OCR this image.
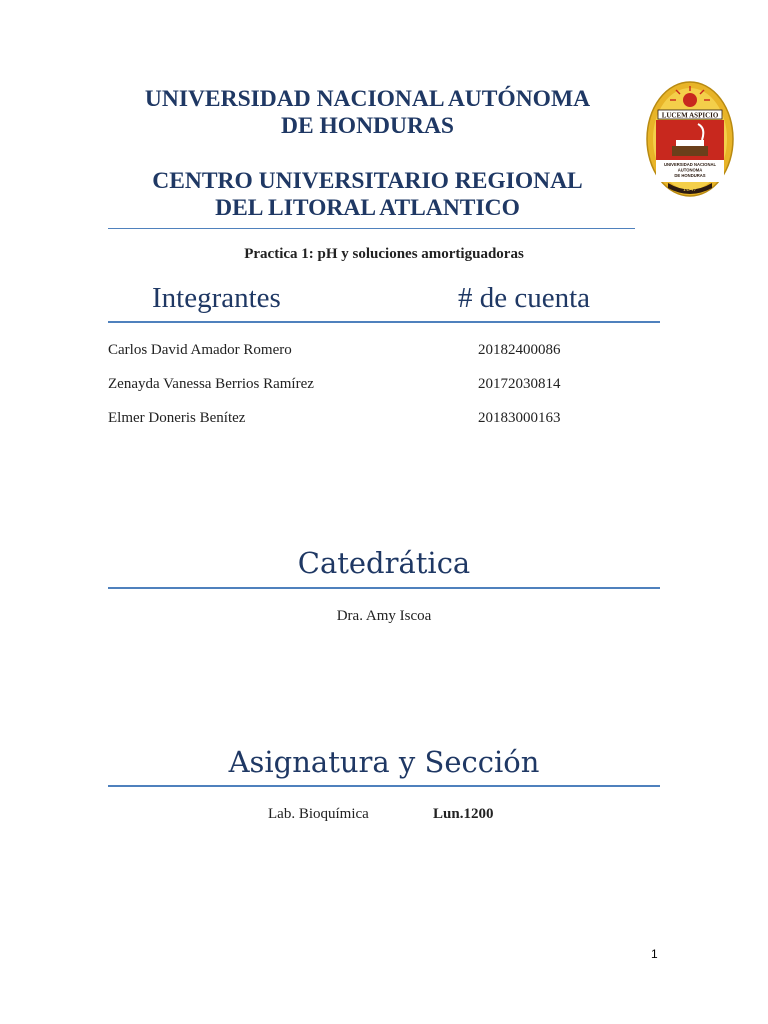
UNIVERSIDAD NACIONAL AUTÓNOMA
DE HONDURAS
CENTRO UNIVERSITARIO REGIONAL
DEL LITORAL ATLANTICO
LUCEM ASPICIO
UNIVERSIDAD NACIONAL
AUTONOMA
DE HONDURAS
1847
Practica 1: pH y soluciones amortiguadoras
Integrantes	# de cuenta
Carlos David Amador Romero	20182400086
Zenayda Vanessa Berrios Ramírez	20172030814
Elmer Doneris Benítez	20183000163
Catedrática
Dra. Amy Iscoa
Asignatura y Sección
Lab. Bioquímica	Lun.1200
1
